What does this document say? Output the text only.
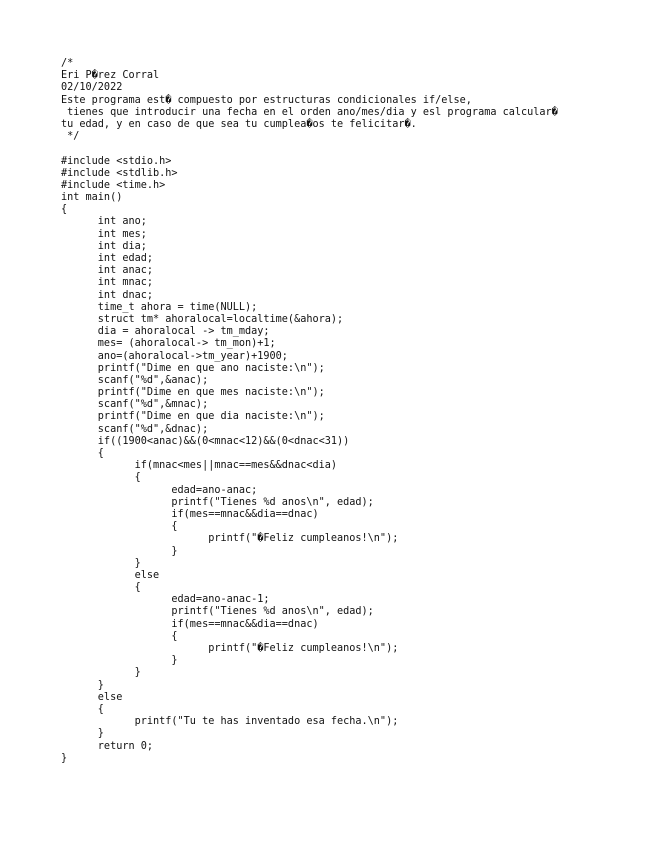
/*
Eri P�rez Corral
02/10/2022
Este programa est� compuesto por estructuras condicionales if/else,
tienes que introducir una fecha en el orden ano/mes/dia y esl programa calcular�
tu edad, y en caso de que sea tu cumplea�os te felicitar�.
*/
#include <stdio.h>
#include <stdlib.h>
#include <time.h>
int main()
{
int ano;
int mes;
int dia;
int edad;
int anac;
int mnac;
int dnac;
time_t ahora = time(NULL);
struct tm* ahoralocal=localtime(&ahora);
dia = ahoralocal -> tm_mday;
mes= (ahoralocal-> tm_mon)+1;
ano=(ahoralocal->tm_year)+1900;
printf("Dime en que ano naciste:\n");
scanf("%d",&anac);
printf("Dime en que mes naciste:\n");
scanf("%d",&mnac);
printf("Dime en que dia naciste:\n");
scanf("%d",&dnac);
if((1900<anac)&&(0<mnac<12)&&(0<dnac<31))
{
if(mnac<mes||mnac==mes&&dnac<dia)
{
edad=ano-anac;
printf("Tienes %d anos\n", edad);
if(mes==mnac&&dia==dnac)
{
printf("�Feliz cumpleanos!\n");
}
}
else
{
edad=ano-anac-1;
printf("Tienes %d anos\n", edad);
if(mes==mnac&&dia==dnac)
{
printf("�Feliz cumpleanos!\n");
}
}
}
else
{
printf("Tu te has inventado esa fecha.\n");
}
return 0;
}
